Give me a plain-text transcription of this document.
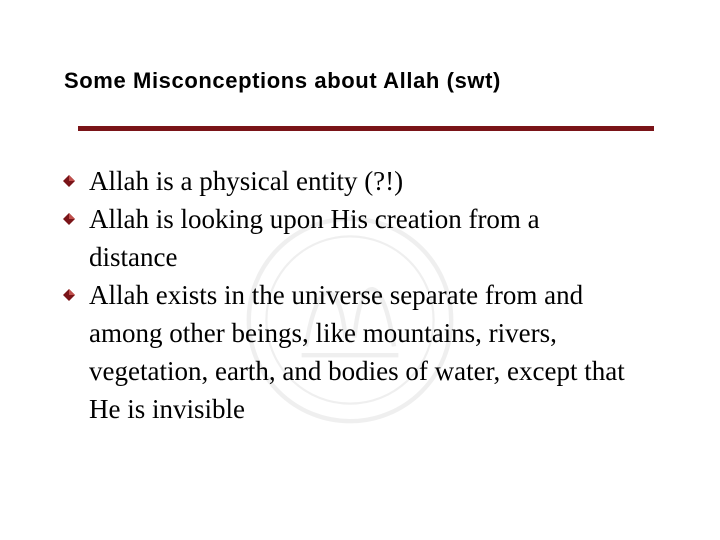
Some Misconceptions about Allah (swt)
Allah is a physical entity (?!)
Allah is looking upon His creation from a distance
Allah exists in the universe separate from and among other beings, like mountains, rivers, vegetation, earth, and bodies of water, except that He is invisible
